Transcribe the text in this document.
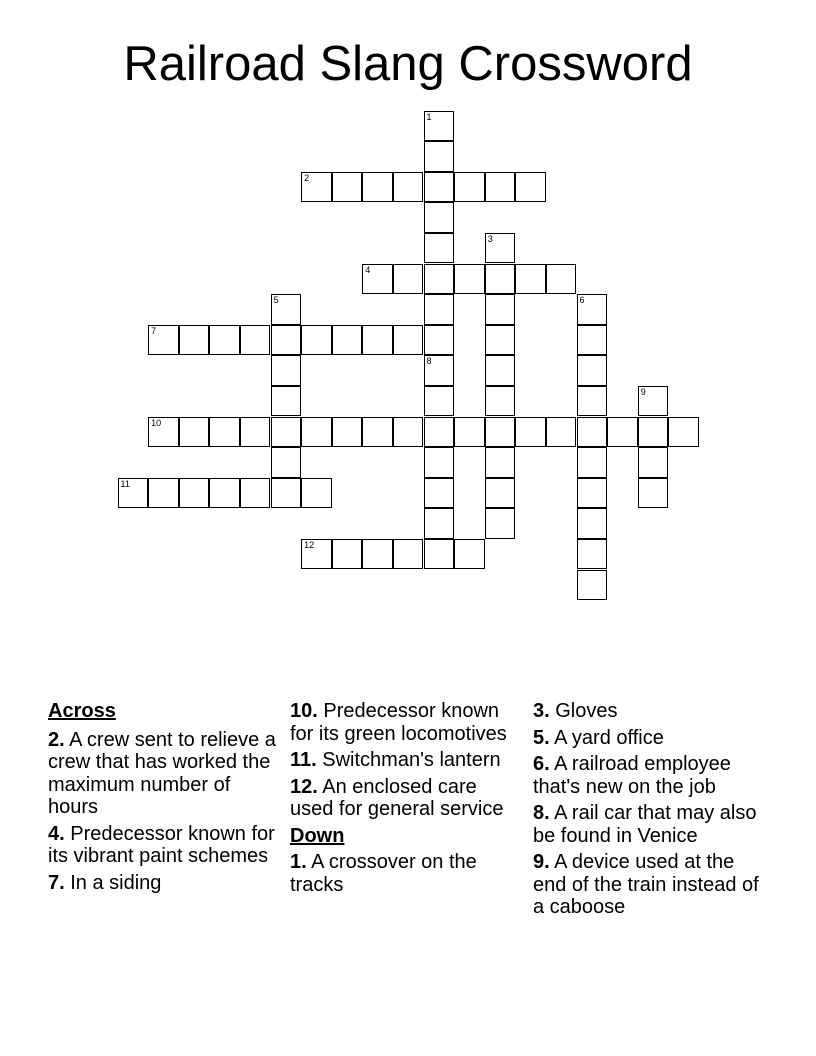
Railroad Slang Crossword
1
2
3
4
5	6
7
8
9
10
11
12
Across
2. A crew sent to relieve a crew that has worked the maximum number of hours
4. Predecessor known for its vibrant paint schemes
7. In a siding
10. Predecessor known for its green locomotives
11. Switchman's lantern
12. An enclosed care used for general service
Down
1. A crossover on the tracks
3. Gloves
5. A yard office
6. A railroad employee that's new on the job
8. A rail car that may also be found in Venice
9. A device used at the end of the train instead of a caboose
